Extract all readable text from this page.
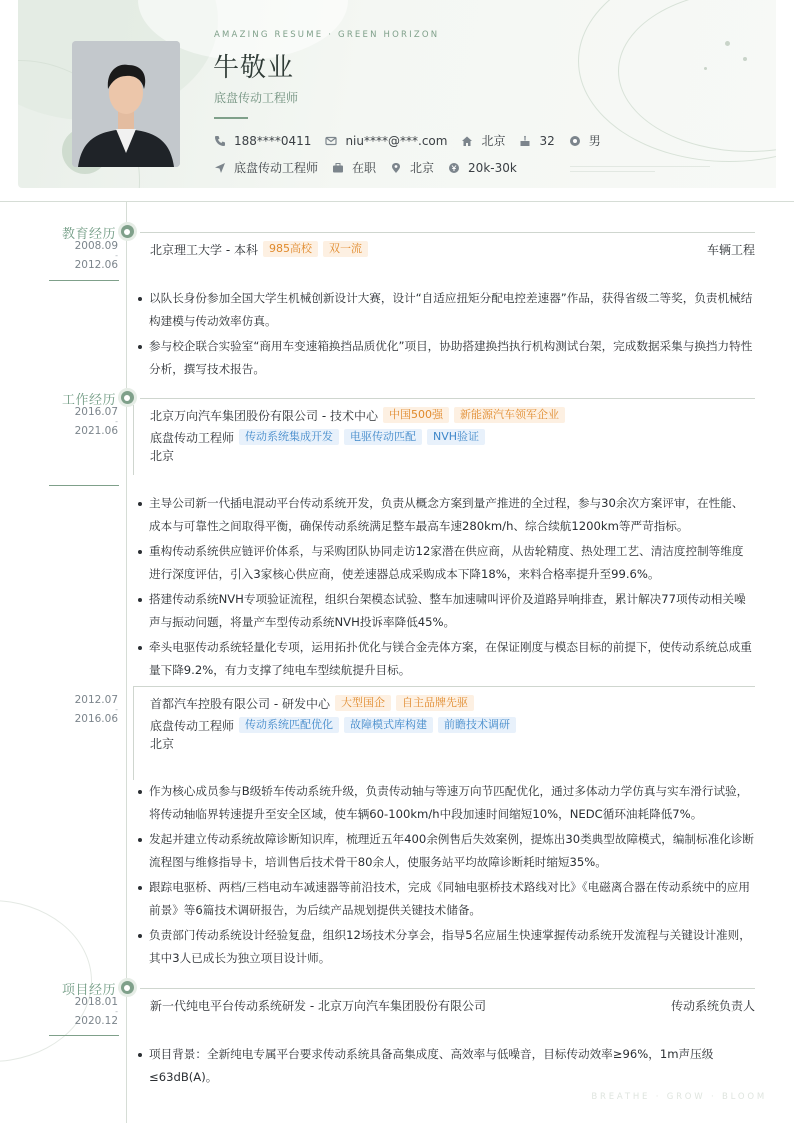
AMAZING RESUME · GREEN HORIZON
牛敬业
底盘传动工程师
188****0411	niu****@***.com	北京	32	男
底盘传动工程师	在职	北京	20k-30k
教育经历
2008.09
-
2012.06
北京理工大学 - 本科	985高校	双一流	车辆工程
以队长身份参加全国大学生机械创新设计大赛，设计“自适应扭矩分配电控差速器”作品，获得省级二等奖，负责机械结构建模与传动效率仿真。
参与校企联合实验室“商用车变速箱换挡品质优化”项目，协助搭建换挡执行机构测试台架，完成数据采集与换挡力特性分析，撰写技术报告。
工作经历
2016.07
-
2021.06
北京万向汽车集团股份有限公司 - 技术中心	中国500强	新能源汽车领军企业
底盘传动工程师	传动系统集成开发	电驱传动匹配	NVH验证
北京
主导公司新一代插电混动平台传动系统开发，负责从概念方案到量产推进的全过程，参与30余次方案评审，在性能、成本与可靠性之间取得平衡，确保传动系统满足整车最高车速280km/h、综合续航1200km等严苛指标。
重构传动系统供应链评价体系，与采购团队协同走访12家潜在供应商，从齿轮精度、热处理工艺、清洁度控制等维度进行深度评估，引入3家核心供应商，使差速器总成采购成本下降18%，来料合格率提升至99.6%。
搭建传动系统NVH专项验证流程，组织台架模态试验、整车加速啸叫评价及道路异响排查，累计解决77项传动相关噪声与振动问题，将量产车型传动系统NVH投诉率降低45%。
牵头电驱传动系统轻量化专项，运用拓扑优化与镁合金壳体方案，在保证刚度与模态目标的前提下，使传动系统总成重量下降9.2%，有力支撑了纯电车型续航提升目标。
2012.07
-
2016.06
首都汽车控股有限公司 - 研发中心	大型国企	自主品牌先驱
底盘传动工程师	传动系统匹配优化	故障模式库构建	前瞻技术调研
北京
作为核心成员参与B级轿车传动系统升级，负责传动轴与等速万向节匹配优化，通过多体动力学仿真与实车滑行试验，将传动轴临界转速提升至安全区域，使车辆60-100km/h中段加速时间缩短10%，NEDC循环油耗降低7%。
发起并建立传动系统故障诊断知识库，梳理近五年400余例售后失效案例，提炼出30类典型故障模式，编制标准化诊断流程图与维修指导卡，培训售后技术骨干80余人，使服务站平均故障诊断耗时缩短35%。
跟踪电驱桥、两档/三档电动车减速器等前沿技术，完成《同轴电驱桥技术路线对比》《电磁离合器在传动系统中的应用前景》等6篇技术调研报告，为后续产品规划提供关键技术储备。
负责部门传动系统设计经验复盘，组织12场技术分享会，指导5名应届生快速掌握传动系统开发流程与关键设计准则，其中3人已成长为独立项目设计师。
项目经历
2018.01
-
2020.12
新一代纯电平台传动系统研发 - 北京万向汽车集团股份有限公司	传动系统负责人
项目背景：全新纯电专属平台要求传动系统具备高集成度、高效率与低噪音，目标传动效率≥96%，1m声压级≤63dB(A)。
BREATHE · GROW · BLOOM
